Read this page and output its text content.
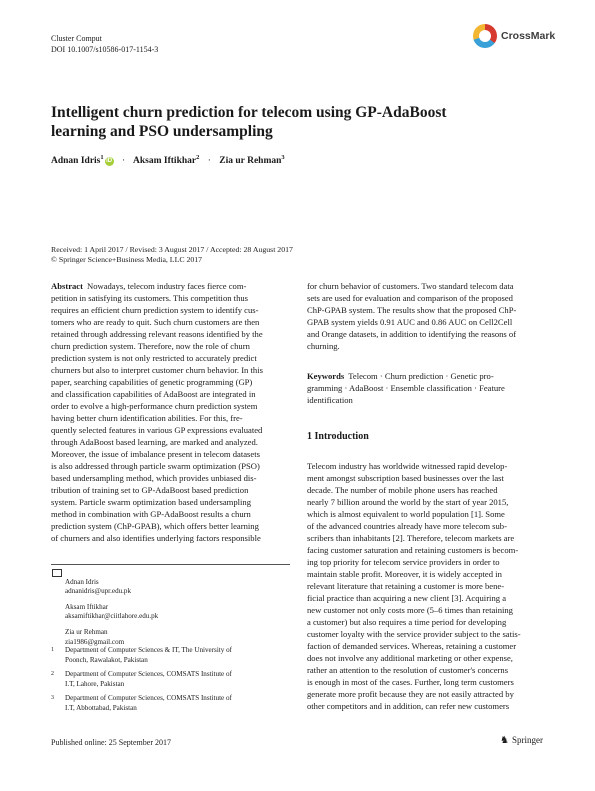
Cluster Comput
DOI 10.1007/s10586-017-1154-3
CrossMark
Intelligent churn prediction for telecom using GP-AdaBoost learning and PSO undersampling
Adnan Idris$^1$iD · Aksam Iftikhar$^2$ · Zia ur Rehman$^3$
Received: 1 April 2017 / Revised: 3 August 2017 / Accepted: 28 August 2017
© Springer Science+Business Media, LLC 2017

Abstract Nowadays, telecom industry faces fierce com-

petition in satisfying its customers. This competition thus

requires an efficient churn prediction system to identify cus-

tomers who are ready to quit. Such churn customers are then

retained through addressing relevant reasons identified by the

churn prediction system. Therefore, now the role of churn

prediction system is not only restricted to accurately predict

churners but also to interpret customer churn behavior. In this

paper, searching capabilities of genetic programming (GP)

and classification capabilities of AdaBoost are integrated in

order to evolve a high-performance churn prediction system

having better churn identification abilities. For this, fre-

quently selected features in various GP expressions evaluated

through AdaBoost based learning, are marked and analyzed.

Moreover, the issue of imbalance present in telecom datasets

is also addressed through particle swarm optimization (PSO)

based undersampling method, which provides unbiased dis-

tribution of training set to GP-AdaBoost based prediction

system. Particle swarm optimization based undersampling

method in combination with GP-AdaBoost results a churn

prediction system (ChP-GPAB), which offers better learning

of churners and also identifies underlying factors responsible

Adnan Idris
adnanidris@upr.edu.pk
Aksam Iftikhar
aksamiftikhar@ciitlahore.edu.pk
Zia ur Rehman
zia1986@gmail.com
1 Department of Computer Sciences & IT, The University of
Poonch, Rawalakot, Pakistan
2 Department of Computer Sciences, COMSATS Institute of
I.T, Lahore, Pakistan
3 Department of Computer Sciences, COMSATS Institute of
I.T, Abbottabad, Pakistan

for churn behavior of customers. Two standard telecom data

sets are used for evaluation and comparison of the proposed

ChP-GPAB system. The results show that the proposed ChP-

GPAB system yields 0.91 AUC and 0.86 AUC on Cell2Cell

and Orange datasets, in addition to identifying the reasons of

churning.

Keywords Telecom · Churn prediction · Genetic pro-

gramming · AdaBoost · Ensemble classification · Feature

identification

1 Introduction

Telecom industry has worldwide witnessed rapid develop-

ment amongst subscription based businesses over the last

decade. The number of mobile phone users has reached

nearly 7 billion around the world by the start of year 2015,

which is almost equivalent to world population [1]. Some

of the advanced countries already have more telecom sub-

scribers than inhabitants [2]. Therefore, telecom markets are

facing customer saturation and retaining customers is becom-

ing top priority for telecom service providers in order to

maintain stable profit. Moreover, it is widely accepted in

relevant literature that retaining a customer is more bene-

ficial practice than acquiring a new client [3]. Acquiring a

new customer not only costs more (5–6 times than retaining

a customer) but also requires a time period for developing

customer loyalty with the service provider subject to the satis-

faction of demanded services. Whereas, retaining a customer

does not involve any additional marketing or other expense,

rather an attention to the resolution of customer's concerns

is enough in most of the cases. Further, long term customers

generate more profit because they are not easily attracted by

other competitors and in addition, can refer new customers

Published online: 25 September 2017	♞ Springer
